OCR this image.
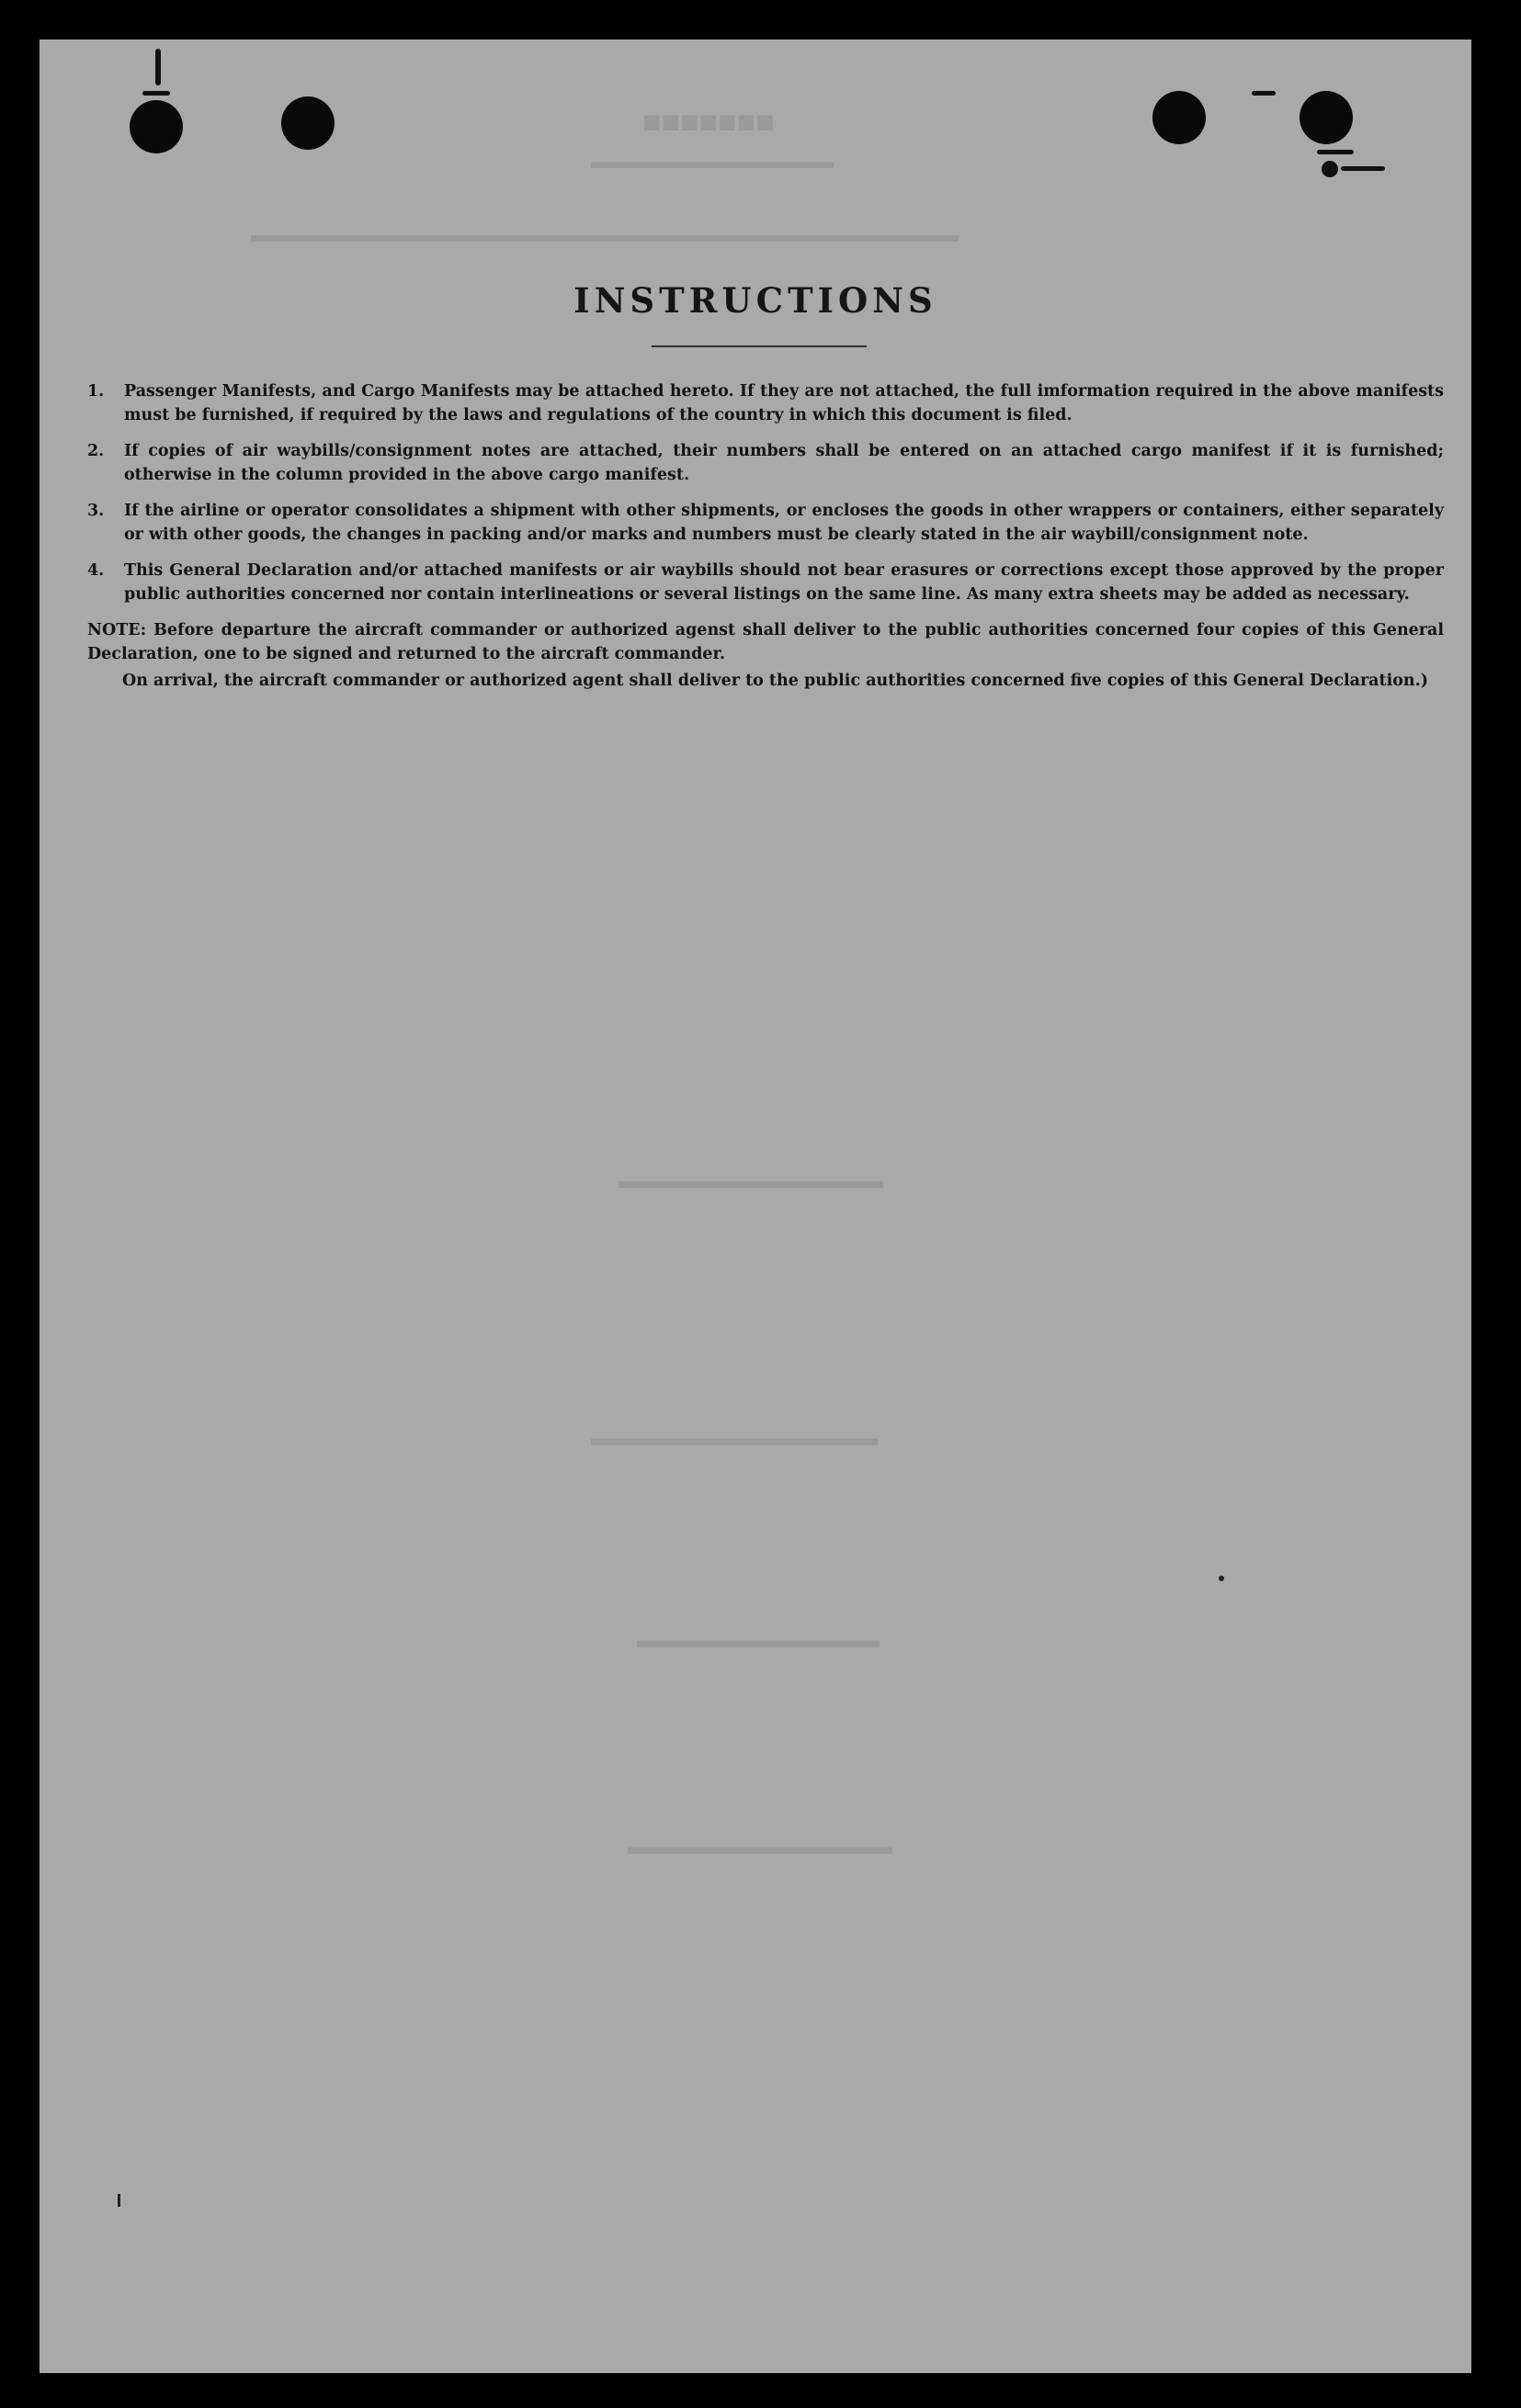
■■■■■■■
▬▬▬▬▬▬▬▬▬▬▬▬
▬▬▬▬▬▬▬▬▬▬▬▬▬▬▬▬▬▬▬▬▬▬▬▬▬▬▬▬▬▬▬▬▬▬▬
▬▬▬▬▬▬▬▬▬▬▬▬
▬▬▬▬▬▬▬▬▬▬▬▬▬
▬▬▬▬▬▬▬▬▬▬▬
▬▬▬▬▬▬▬▬▬▬▬▬
INSTRUCTIONS
1.	Passenger Manifests, and Cargo Manifests may be attached hereto. If they are not attached, the full imformation required in the above manifests must be furnished, if required by the laws and regulations of the country in which this document is filed.
2.	If copies of air waybills/consignment notes are attached, their numbers shall be entered on an attached cargo manifest if it is furnished; otherwise in the column provided in the above cargo manifest.
3.	If the airline or operator consolidates a shipment with other shipments, or encloses the goods in other wrappers or containers, either separately or with other goods, the changes in packing and/or marks and numbers must be clearly stated in the air waybill/consignment note.
4.	This General Declaration and/or attached manifests or air waybills should not bear erasures or corrections except those approved by the proper public authorities concerned nor contain interlineations or several listings on the same line. As many extra sheets may be added as necessary.
NOTE: Before departure the aircraft commander or authorized agenst shall deliver to the public authorities concerned four copies of this General Declaration, one to be signed and returned to the aircraft commander.
On arrival, the aircraft commander or authorized agent shall deliver to the public authorities concerned five copies of this General Declaration.)
